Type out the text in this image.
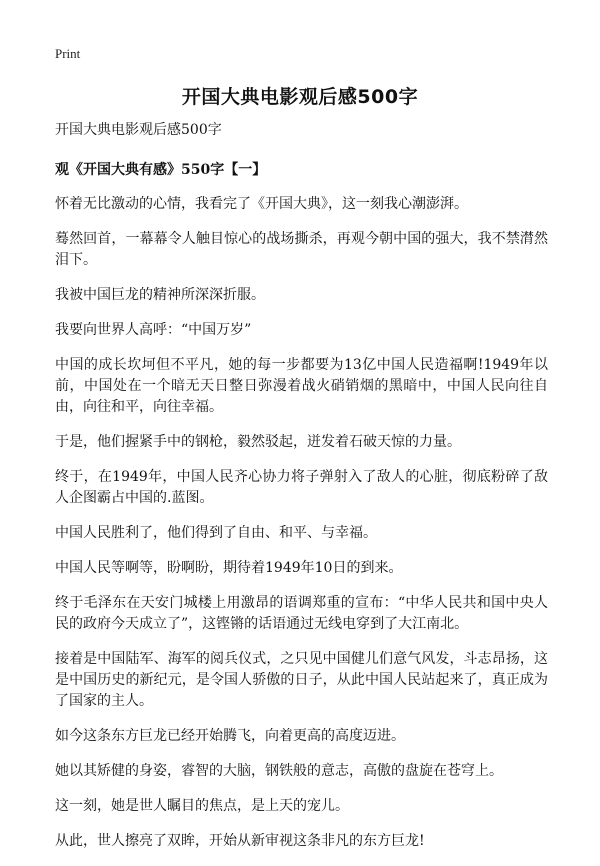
Print
开国大典电影观后感500字
开国大典电影观后感500字
观《开国大典有感》550字【一】

怀着无比激动的心情，我看完了《开国大典》，这一刻我心潮澎湃。

蓦然回首，一幕幕令人触目惊心的战场撕杀，再观今朝中国的强大，我不禁潸然泪下。

我被中国巨龙的精神所深深折服。

我要向世界人高呼：“中国万岁”

中国的成长坎坷但不平凡，她的每一步都要为13亿中国人民造福啊!1949年以前，中国处在一个暗无天日整日弥漫着战火硝销烟的黑暗中，中国人民向往自由，向往和平，向往幸福。

于是，他们握紧手中的钢枪，毅然驳起，迸发着石破天惊的力量。

终于，在1949年，中国人民齐心协力将子弹射入了敌人的心脏，彻底粉碎了敌人企图霸占中国的.蓝图。

中国人民胜利了，他们得到了自由、和平、与幸福。

中国人民等啊等，盼啊盼，期待着1949年10日的到来。

终于毛泽东在天安门城楼上用激昂的语调郑重的宣布：“中华人民共和国中央人民的政府今天成立了”，这铿锵的话语通过无线电穿到了大江南北。

接着是中国陆军、海军的阅兵仪式，之只见中国健儿们意气风发，斗志昂扬，这是中国历史的新纪元，是令国人骄傲的日子，从此中国人民站起来了，真正成为了国家的主人。

如今这条东方巨龙已经开始腾飞，向着更高的高度迈进。

她以其矫健的身姿，睿智的大脑，钢铁般的意志，高傲的盘旋在苍穹上。

这一刻，她是世人瞩目的焦点，是上天的宠儿。

从此，世人擦亮了双眸，开始从新审视这条非凡的东方巨龙!
